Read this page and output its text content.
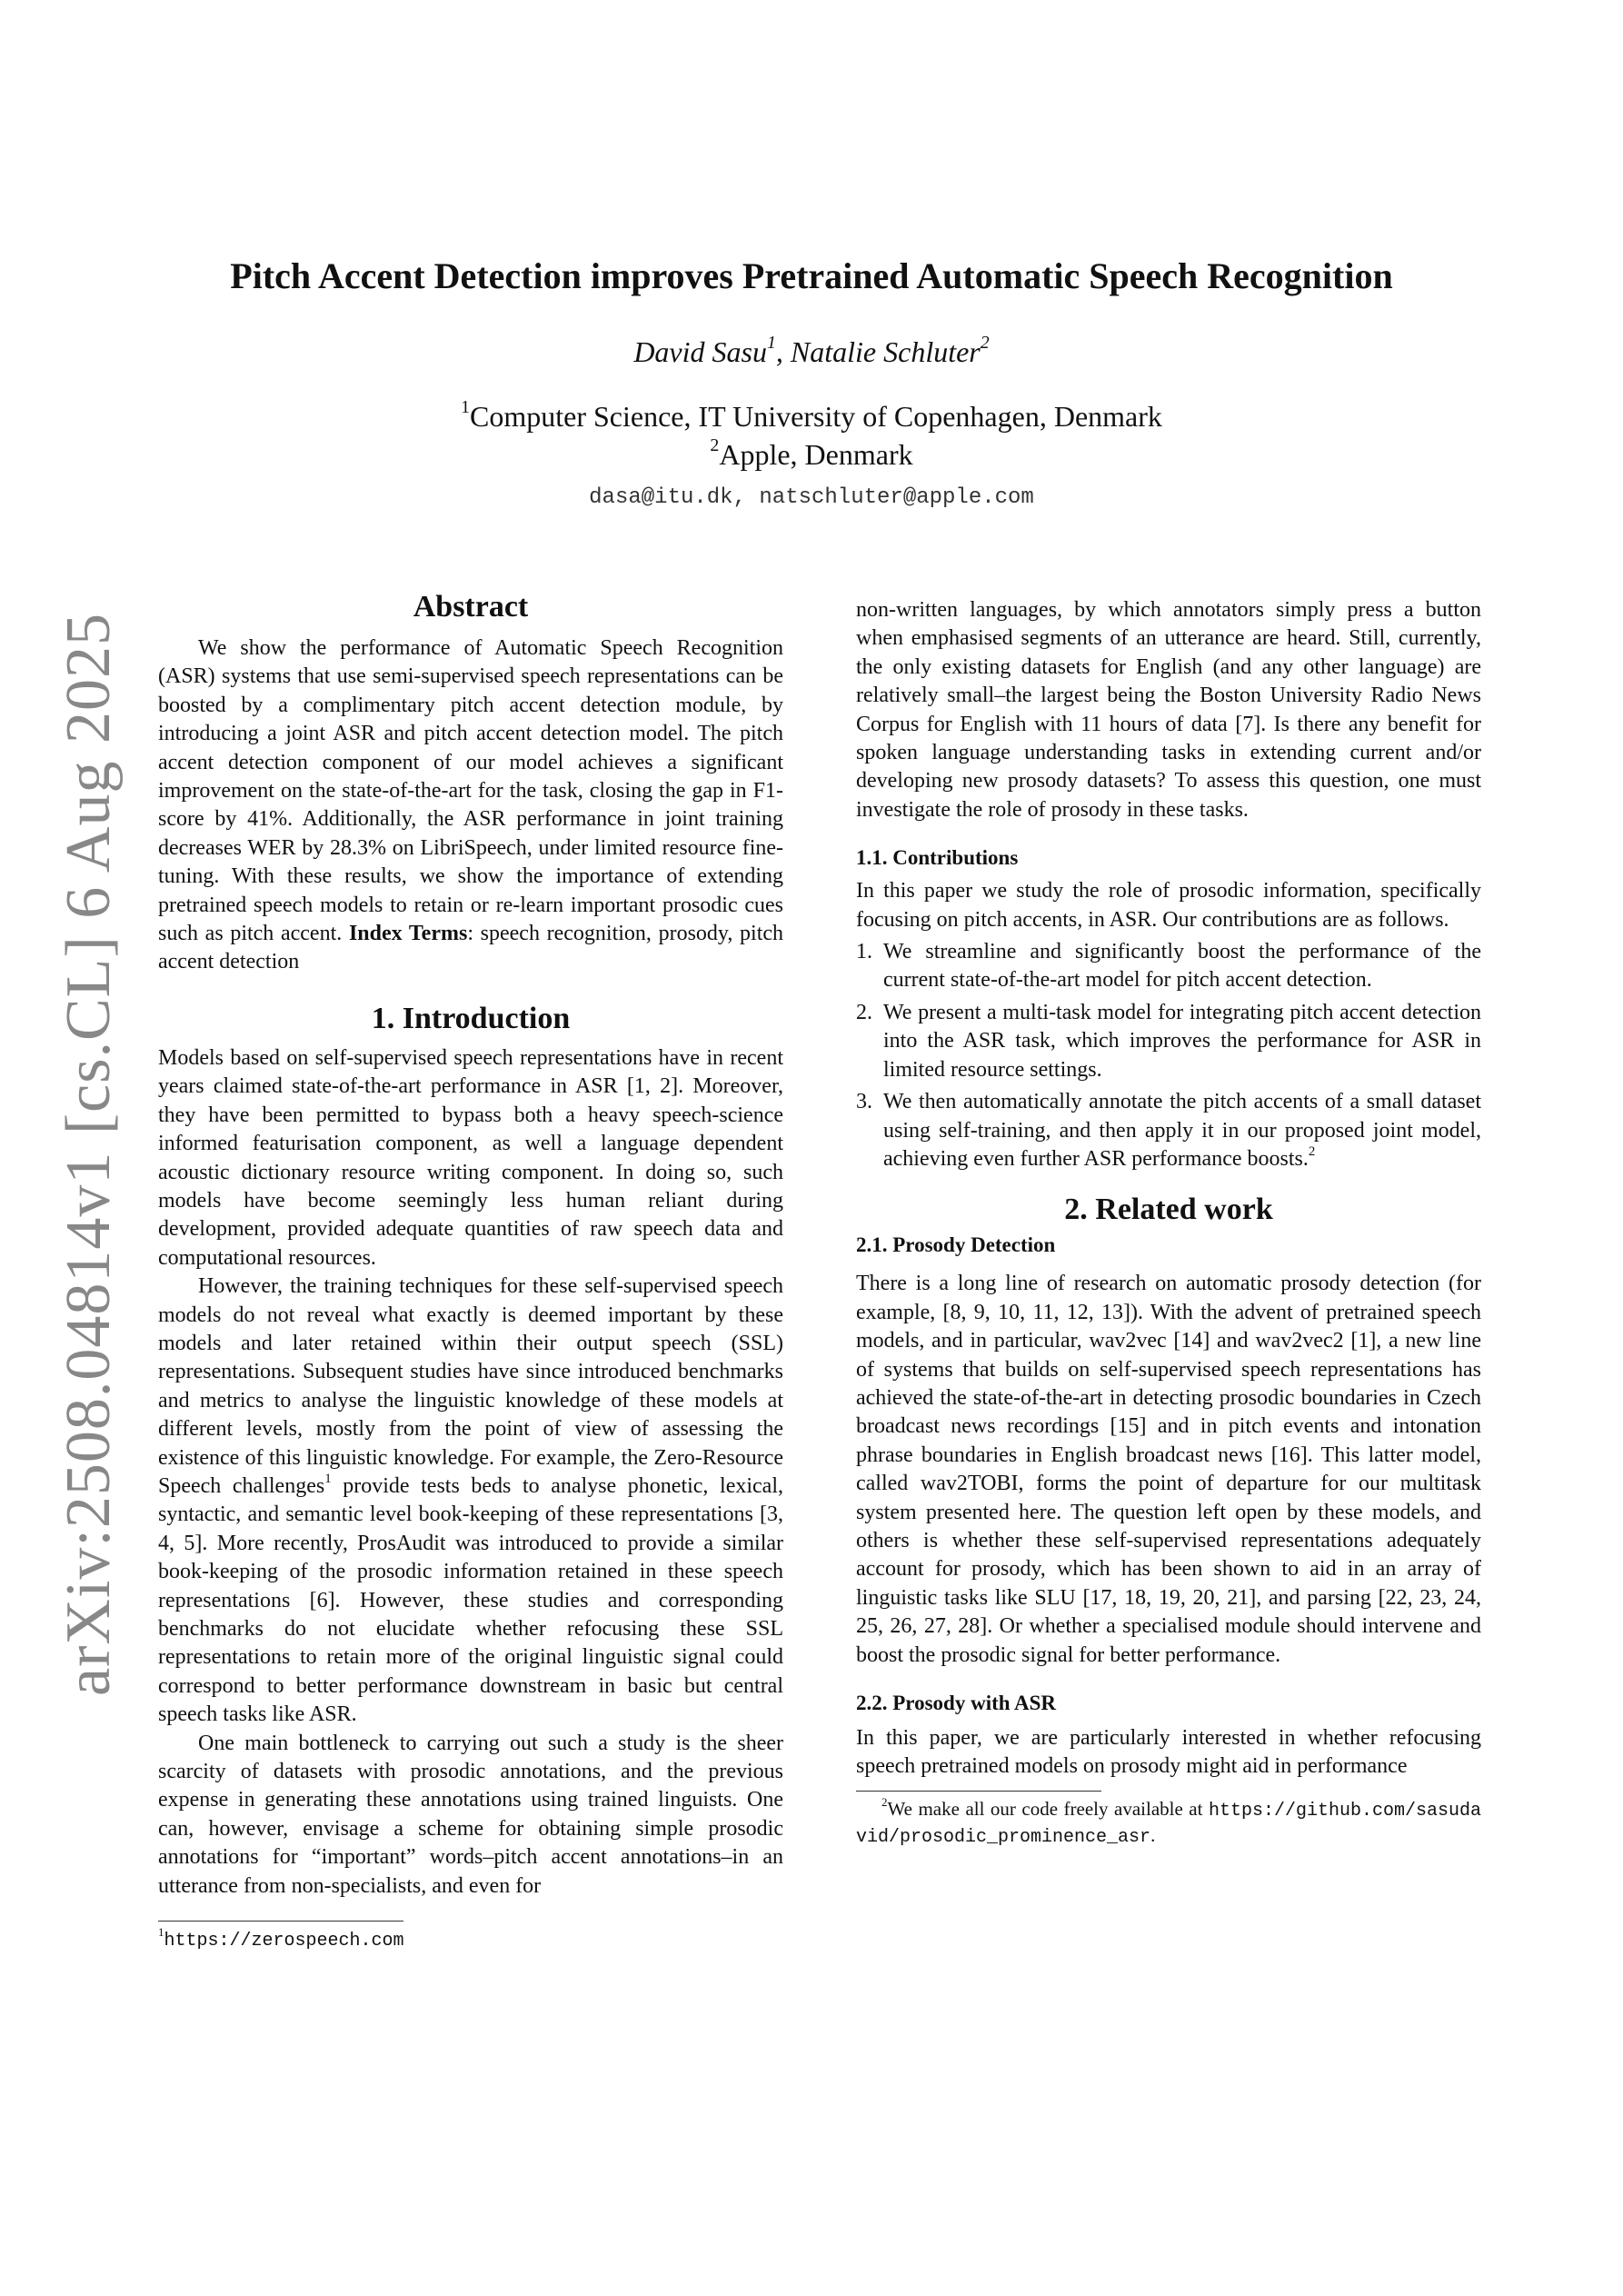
arXiv:2508.04814v1 [cs.CL] 6 Aug 2025
Pitch Accent Detection improves Pretrained Automatic Speech Recognition
David Sasu$^1$, Natalie Schluter$^2$
$^1$Computer Science, IT University of Copenhagen, Denmark
$^2$Apple, Denmark
dasa@itu.dk, natschluter@apple.com
Abstract

We show the performance of Automatic Speech Recognition (ASR) systems that use semi-supervised speech representations can be boosted by a complimentary pitch accent detection module, by introducing a joint ASR and pitch accent detection model. The pitch accent detection component of our model achieves a significant improvement on the state-of-the-art for the task, closing the gap in F1-score by 41%. Additionally, the ASR performance in joint training decreases WER by 28.3% on LibriSpeech, under limited resource fine-tuning. With these results, we show the importance of extending pretrained speech models to retain or re-learn important prosodic cues such as pitch accent. Index Terms: speech recognition, prosody, pitch accent detection

1. Introduction

Models based on self-supervised speech representations have in recent years claimed state-of-the-art performance in ASR [1, 2]. Moreover, they have been permitted to bypass both a heavy speech-science informed featurisation component, as well a language dependent acoustic dictionary resource writing component. In doing so, such models have become seemingly less human reliant during development, provided adequate quantities of raw speech data and computational resources.

However, the training techniques for these self-supervised speech models do not reveal what exactly is deemed important by these models and later retained within their output speech (SSL) representations. Subsequent studies have since introduced benchmarks and metrics to analyse the linguistic knowledge of these models at different levels, mostly from the point of view of assessing the existence of this linguistic knowledge. For example, the Zero-Resource Speech challenges$^1$ provide tests beds to analyse phonetic, lexical, syntactic, and semantic level book-keeping of these representations [3, 4, 5]. More recently, ProsAudit was introduced to provide a similar book-keeping of the prosodic information retained in these speech representations [6]. However, these studies and corresponding benchmarks do not elucidate whether refocusing these SSL representations to retain more of the original linguistic signal could correspond to better performance downstream in basic but central speech tasks like ASR.

One main bottleneck to carrying out such a study is the sheer scarcity of datasets with prosodic annotations, and the previous expense in generating these annotations using trained linguists. One can, however, envisage a scheme for obtaining simple prosodic annotations for “important” words–pitch accent annotations–in an utterance from non-specialists, and even for

$^1$https://zerospeech.com

non-written languages, by which annotators simply press a button when emphasised segments of an utterance are heard. Still, currently, the only existing datasets for English (and any other language) are relatively small–the largest being the Boston University Radio News Corpus for English with 11 hours of data [7]. Is there any benefit for spoken language understanding tasks in extending current and/or developing new prosody datasets? To assess this question, one must investigate the role of prosody in these tasks.

1.1. Contributions

In this paper we study the role of prosodic information, specifically focusing on pitch accents, in ASR. Our contributions are as follows.

1. We streamline and significantly boost the performance of the current state-of-the-art model for pitch accent detection.
2. We present a multi-task model for integrating pitch accent detection into the ASR task, which improves the performance for ASR in limited resource settings.
3. We then automatically annotate the pitch accents of a small dataset using self-training, and then apply it in our proposed joint model, achieving even further ASR performance boosts.$^2$
2. Related work
2.1. Prosody Detection

There is a long line of research on automatic prosody detection (for example, [8, 9, 10, 11, 12, 13]). With the advent of pretrained speech models, and in particular, wav2vec [14] and wav2vec2 [1], a new line of systems that builds on self-supervised speech representations has achieved the state-of-the-art in detecting prosodic boundaries in Czech broadcast news recordings [15] and in pitch events and intonation phrase boundaries in English broadcast news [16]. This latter model, called wav2TOBI, forms the point of departure for our multitask system presented here. The question left open by these models, and others is whether these self-supervised representations adequately account for prosody, which has been shown to aid in an array of linguistic tasks like SLU [17, 18, 19, 20, 21], and parsing [22, 23, 24, 25, 26, 27, 28]. Or whether a specialised module should intervene and boost the prosodic signal for better performance.

2.2. Prosody with ASR

In this paper, we are particularly interested in whether refocusing speech pretrained models on prosody might aid in performance

$^2$We make all our code freely available at https://github.com/sasudavid/prosodic_prominence_asr.
